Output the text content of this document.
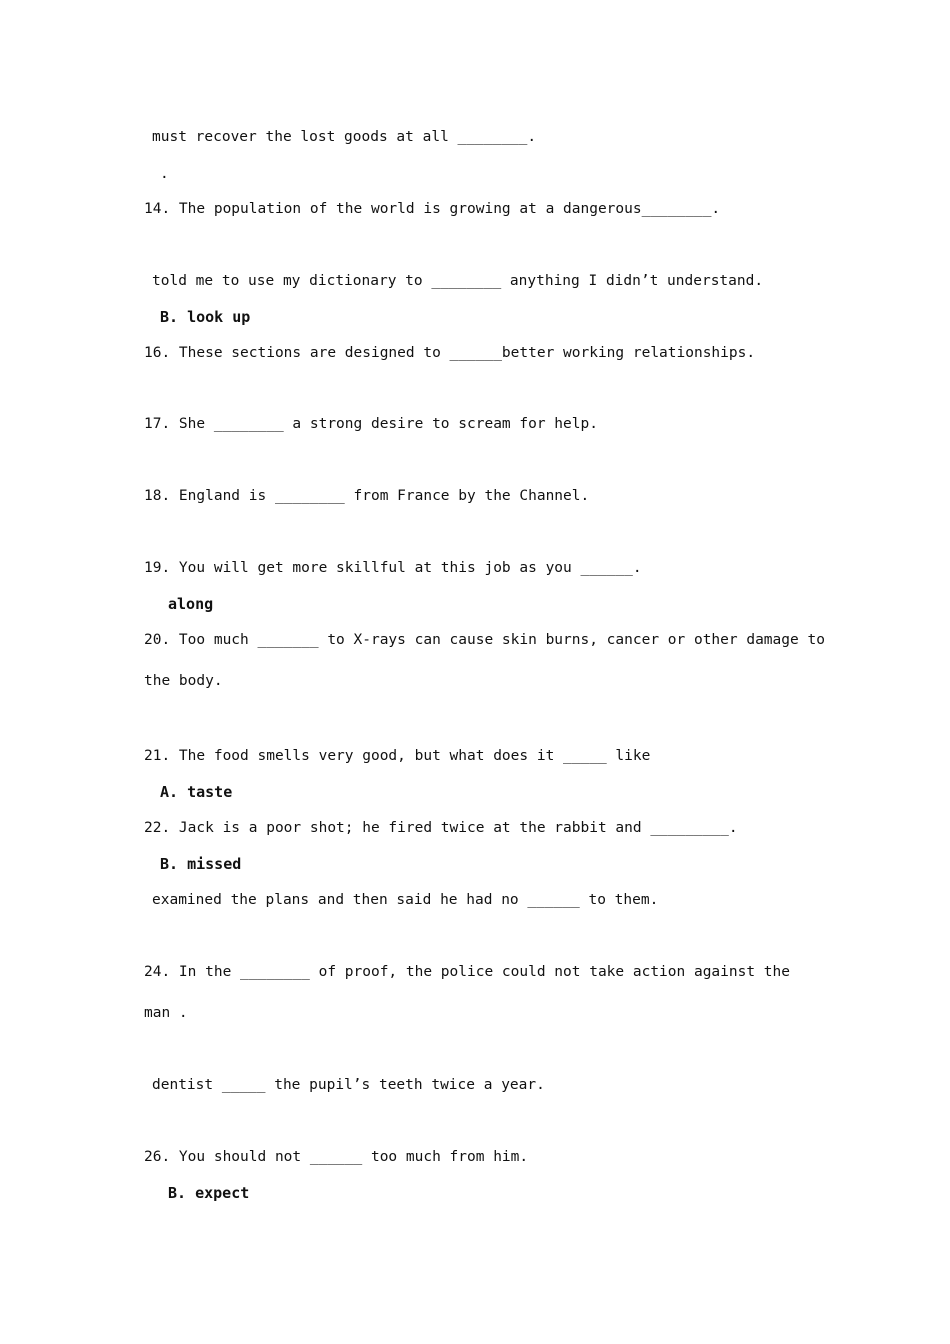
must recover the lost goods at all ________.
.
14. The population of the world is growing at a dangerous________.
told me to use my dictionary to ________ anything I didn’t understand.
B. look up
16. These sections are designed to ______better working relationships.
17. She ________ a strong desire to scream for help.
18. England is ________ from France by the Channel.
19. You will get more skillful at this job as you ______.
along
20. Too much _______ to X-rays can cause skin burns, cancer or other damage to
the body.
21. The food smells very good, but what does it _____ like
A. taste
22. Jack is a poor shot; he fired twice at the rabbit and _________.
B. missed
examined the plans and then said he had no ______ to them.
24. In the ________ of proof, the police could not take action against the
man .
dentist _____ the pupil’s teeth twice a year.
26. You should not ______ too much from him.
B. expect
